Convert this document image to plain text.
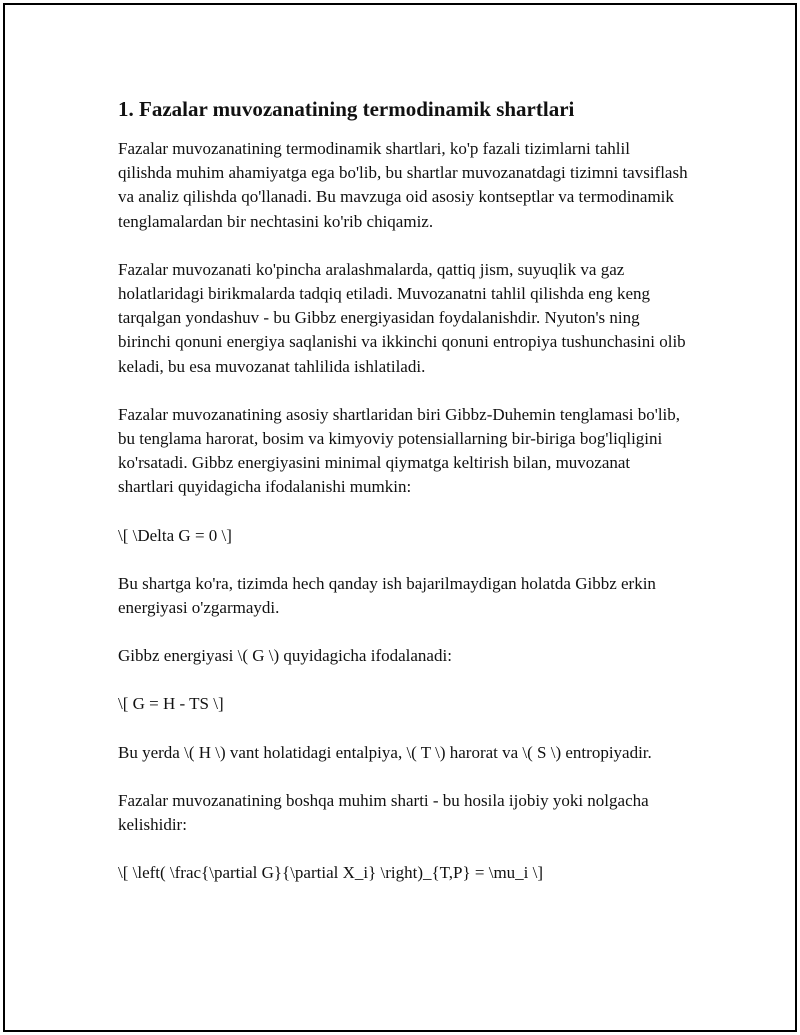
1. Fazalar muvozanatining termodinamik shartlari

Fazalar muvozanatining termodinamik shartlari, ko'p fazali tizimlarni tahlil qilishda muhim ahamiyatga ega bo'lib, bu shartlar muvozanatdagi tizimni tavsiflash va analiz qilishda qo'llanadi. Bu mavzuga oid asosiy kontseptlar va termodinamik tenglamalardan bir nechtasini ko'rib chiqamiz.

Fazalar muvozanati ko'pincha aralashmalarda, qattiq jism, suyuqlik va gaz holatlaridagi birikmalarda tadqiq etiladi. Muvozanatni tahlil qilishda eng keng tarqalgan yondashuv - bu Gibbz energiyasidan foydalanishdir. Nyuton's ning birinchi qonuni energiya saqlanishi va ikkinchi qonuni entropiya tushunchasini olib keladi, bu esa muvozanat tahlilida ishlatiladi.

Fazalar muvozanatining asosiy shartlaridan biri Gibbz-Duhemin tenglamasi bo'lib, bu tenglama harorat, bosim va kimyoviy potensiallarning bir-biriga bog'liqligini ko'rsatadi. Gibbz energiyasini minimal qiymatga keltirish bilan, muvozanat shartlari quyidagicha ifodalanishi mumkin:

\[ \Delta G = 0 \]

Bu shartga ko'ra, tizimda hech qanday ish bajarilmaydigan holatda Gibbz erkin energiyasi o'zgarmaydi.

Gibbz energiyasi \( G \) quyidagicha ifodalanadi:

\[ G = H - TS \]

Bu yerda \( H \) vant holatidagi entalpiya, \( T \) harorat va \( S \) entropiyadir.

Fazalar muvozanatining boshqa muhim sharti - bu hosila ijobiy yoki nolgacha kelishidir:

\[ \left( \frac{\partial G}{\partial X_i} \right)_{T,P} = \mu_i \]
